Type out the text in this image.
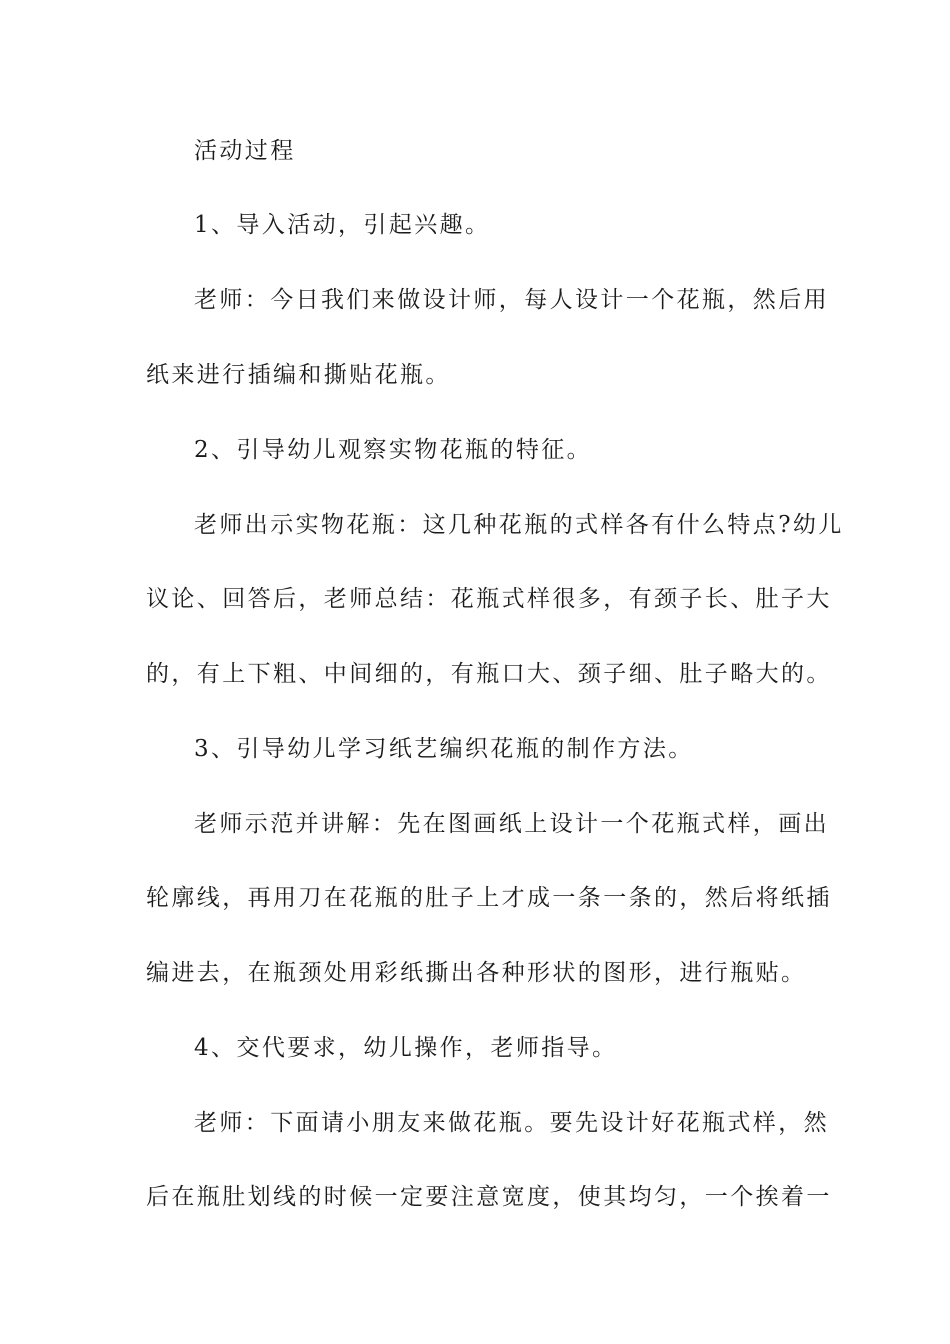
活动过程
1、导入活动，引起兴趣。
老师：今日我们来做设计师，每人设计一个花瓶，然后用
纸来进行插编和撕贴花瓶。
2、引导幼儿观察实物花瓶的特征。
老师出示实物花瓶：这几种花瓶的式样各有什么特点?幼儿
议论、回答后，老师总结：花瓶式样很多，有颈子长、肚子大
的，有上下粗、中间细的，有瓶口大、颈子细、肚子略大的。
3、引导幼儿学习纸艺编织花瓶的制作方法。
老师示范并讲解：先在图画纸上设计一个花瓶式样，画出
轮廓线，再用刀在花瓶的肚子上才成一条一条的，然后将纸插
编进去，在瓶颈处用彩纸撕出各种形状的图形，进行瓶贴。
4、交代要求，幼儿操作，老师指导。
老师：下面请小朋友来做花瓶。要先设计好花瓶式样，然
后在瓶肚划线的时候一定要注意宽度，使其均匀，一个挨着一
